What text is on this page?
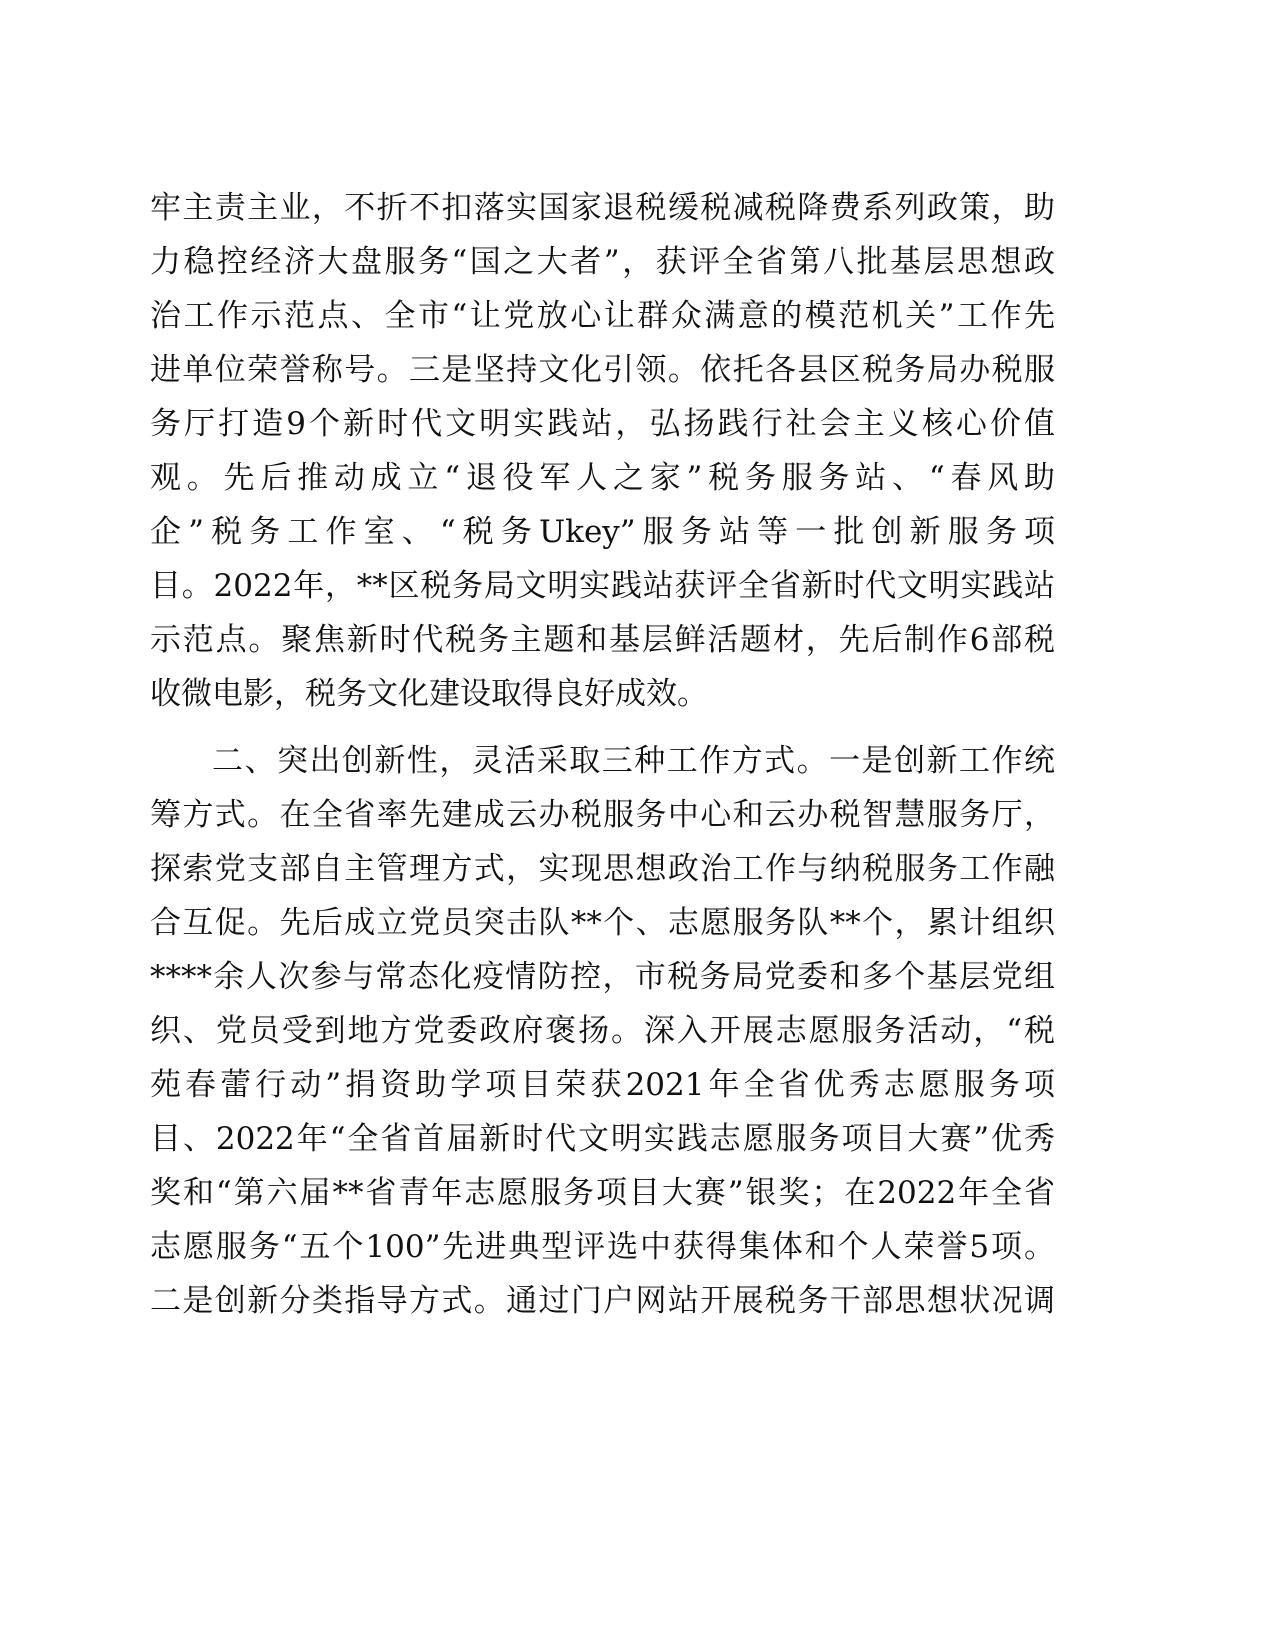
牢主责主业，不折不扣落实国家退税缓税减税降费系列政策，助
力稳控经济大盘服务“国之大者”，获评全省第八批基层思想政
治工作示范点、全市“让党放心让群众满意的模范机关”工作先
进单位荣誉称号。三是坚持文化引领。依托各县区税务局办税服
务厅打造9个新时代文明实践站，弘扬践行社会主义核心价值
观。先后推动成立“退役军人之家”税务服务站、“春风助
企”税务工作室、“税务Ukey”服务站等一批创新服务项
目。2022年，**区税务局文明实践站获评全省新时代文明实践站
示范点。聚焦新时代税务主题和基层鲜活题材，先后制作6部税
收微电影，税务文化建设取得良好成效。
二、突出创新性，灵活采取三种工作方式。一是创新工作统
筹方式。在全省率先建成云办税服务中心和云办税智慧服务厅，
探索党支部自主管理方式，实现思想政治工作与纳税服务工作融
合互促。先后成立党员突击队**个、志愿服务队**个，累计组织
****余人次参与常态化疫情防控，市税务局党委和多个基层党组
织、党员受到地方党委政府褒扬。深入开展志愿服务活动，“税
苑春蕾行动”捐资助学项目荣获2021年全省优秀志愿服务项
目、2022年“全省首届新时代文明实践志愿服务项目大赛”优秀
奖和“第六届**省青年志愿服务项目大赛”银奖；在2022年全省
志愿服务“五个100”先进典型评选中获得集体和个人荣誉5项。
二是创新分类指导方式。通过门户网站开展税务干部思想状况调
